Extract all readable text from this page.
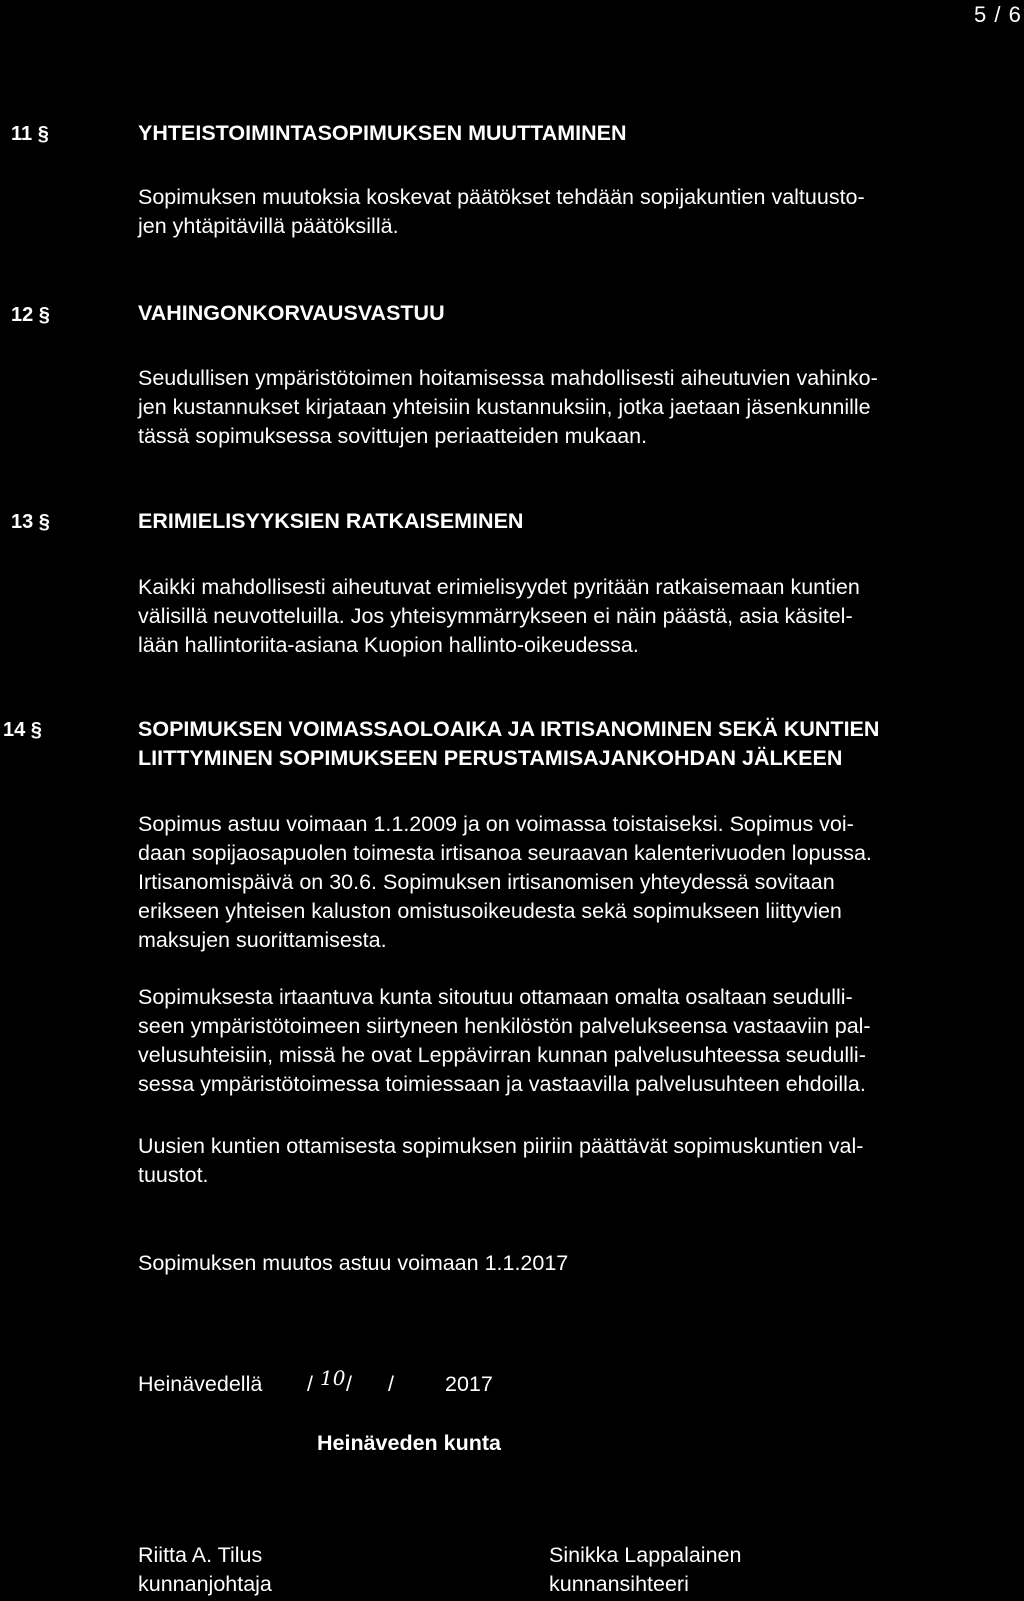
5 / 6
11 §	YHTEISTOIMINTASOPIMUKSEN MUUTTAMINEN
Sopimuksen muutoksia koskevat päätökset tehdään sopijakuntien valtuusto-
jen yhtäpitävillä päätöksillä.
12 §	VAHINGONKORVAUSVASTUU
Seudullisen ympäristötoimen hoitamisessa mahdollisesti aiheutuvien vahinko-
jen kustannukset kirjataan yhteisiin kustannuksiin, jotka jaetaan jäsenkunnille
tässä sopimuksessa sovittujen periaatteiden mukaan.
13 §	ERIMIELISYYKSIEN RATKAISEMINEN
Kaikki mahdollisesti aiheutuvat erimielisyydet pyritään ratkaisemaan kuntien
välisillä neuvotteluilla. Jos yhteisymmärrykseen ei näin päästä, asia käsitel-
lään hallintoriita-asiana Kuopion hallinto-oikeudessa.
14 §	SOPIMUKSEN VOIMASSAOLOAIKA JA IRTISANOMINEN SEKÄ KUNTIEN
LIITTYMINEN SOPIMUKSEEN PERUSTAMISAJANKOHDAN JÄLKEEN
Sopimus astuu voimaan 1.1.2009 ja on voimassa toistaiseksi. Sopimus voi-
daan sopijaosapuolen toimesta irtisanoa seuraavan kalenterivuoden lopussa.
Irtisanomispäivä on 30.6. Sopimuksen irtisanomisen yhteydessä sovitaan
erikseen yhteisen kaluston omistusoikeudesta sekä sopimukseen liittyvien
maksujen suorittamisesta.
Sopimuksesta irtaantuva kunta sitoutuu ottamaan omalta osaltaan seudulli-
seen ympäristötoimeen siirtyneen henkilöstön palvelukseensa vastaaviin pal-
velusuhteisiin, missä he ovat Leppävirran kunnan palvelusuhteessa seudulli-
sessa ympäristötoimessa toimiessaan ja vastaavilla palvelusuhteen ehdoilla.
Uusien kuntien ottamisesta sopimuksen piiriin päättävät sopimuskuntien val-
tuustot.
Sopimuksen muutos astuu voimaan 1.1.2017
Heinävedellä / 10 / / 2017
Heinäveden kunta
Riitta A. Tilus
kunnanjohtaja
Sinikka Lappalainen
kunnansihteeri
